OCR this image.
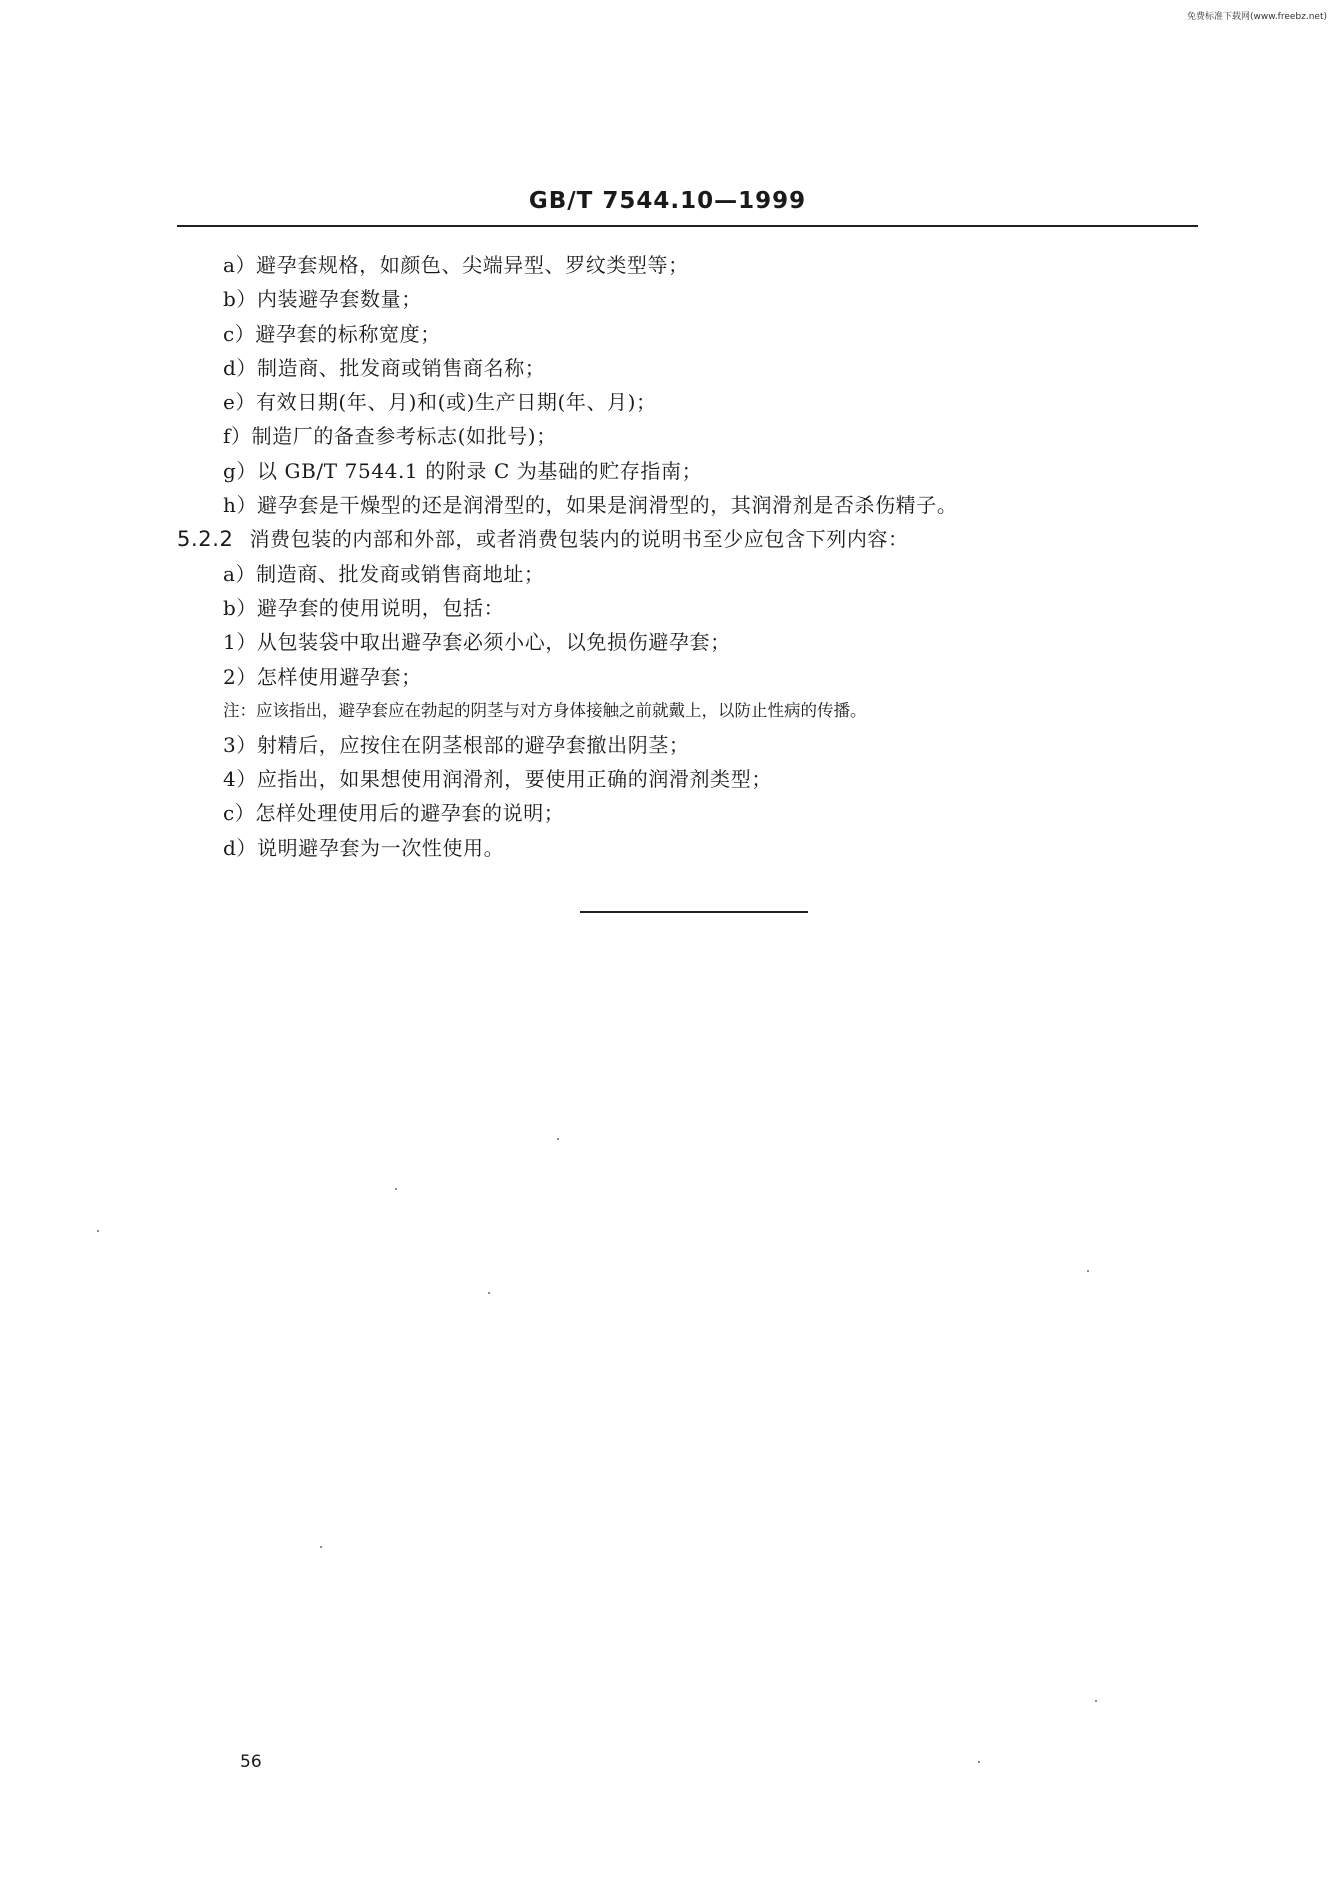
免费标准下载网(www.freebz.net)
GB/T 7544.10—1999
a）避孕套规格，如颜色、尖端异型、罗纹类型等；
b）内装避孕套数量；
c）避孕套的标称宽度；
d）制造商、批发商或销售商名称；
e）有效日期(年、月)和(或)生产日期(年、月)；
f）制造厂的备查参考标志(如批号)；
g）以 GB/T 7544.1 的附录 C 为基础的贮存指南；
h）避孕套是干燥型的还是润滑型的，如果是润滑型的，其润滑剂是否杀伤精子。
5.2.2 消费包装的内部和外部，或者消费包装内的说明书至少应包含下列内容：
a）制造商、批发商或销售商地址；
b）避孕套的使用说明，包括：
1）从包装袋中取出避孕套必须小心，以免损伤避孕套；
2）怎样使用避孕套；
注：应该指出，避孕套应在勃起的阴茎与对方身体接触之前就戴上，以防止性病的传播。
3）射精后，应按住在阴茎根部的避孕套撤出阴茎；
4）应指出，如果想使用润滑剂，要使用正确的润滑剂类型；
c）怎样处理使用后的避孕套的说明；
d）说明避孕套为一次性使用。
56
